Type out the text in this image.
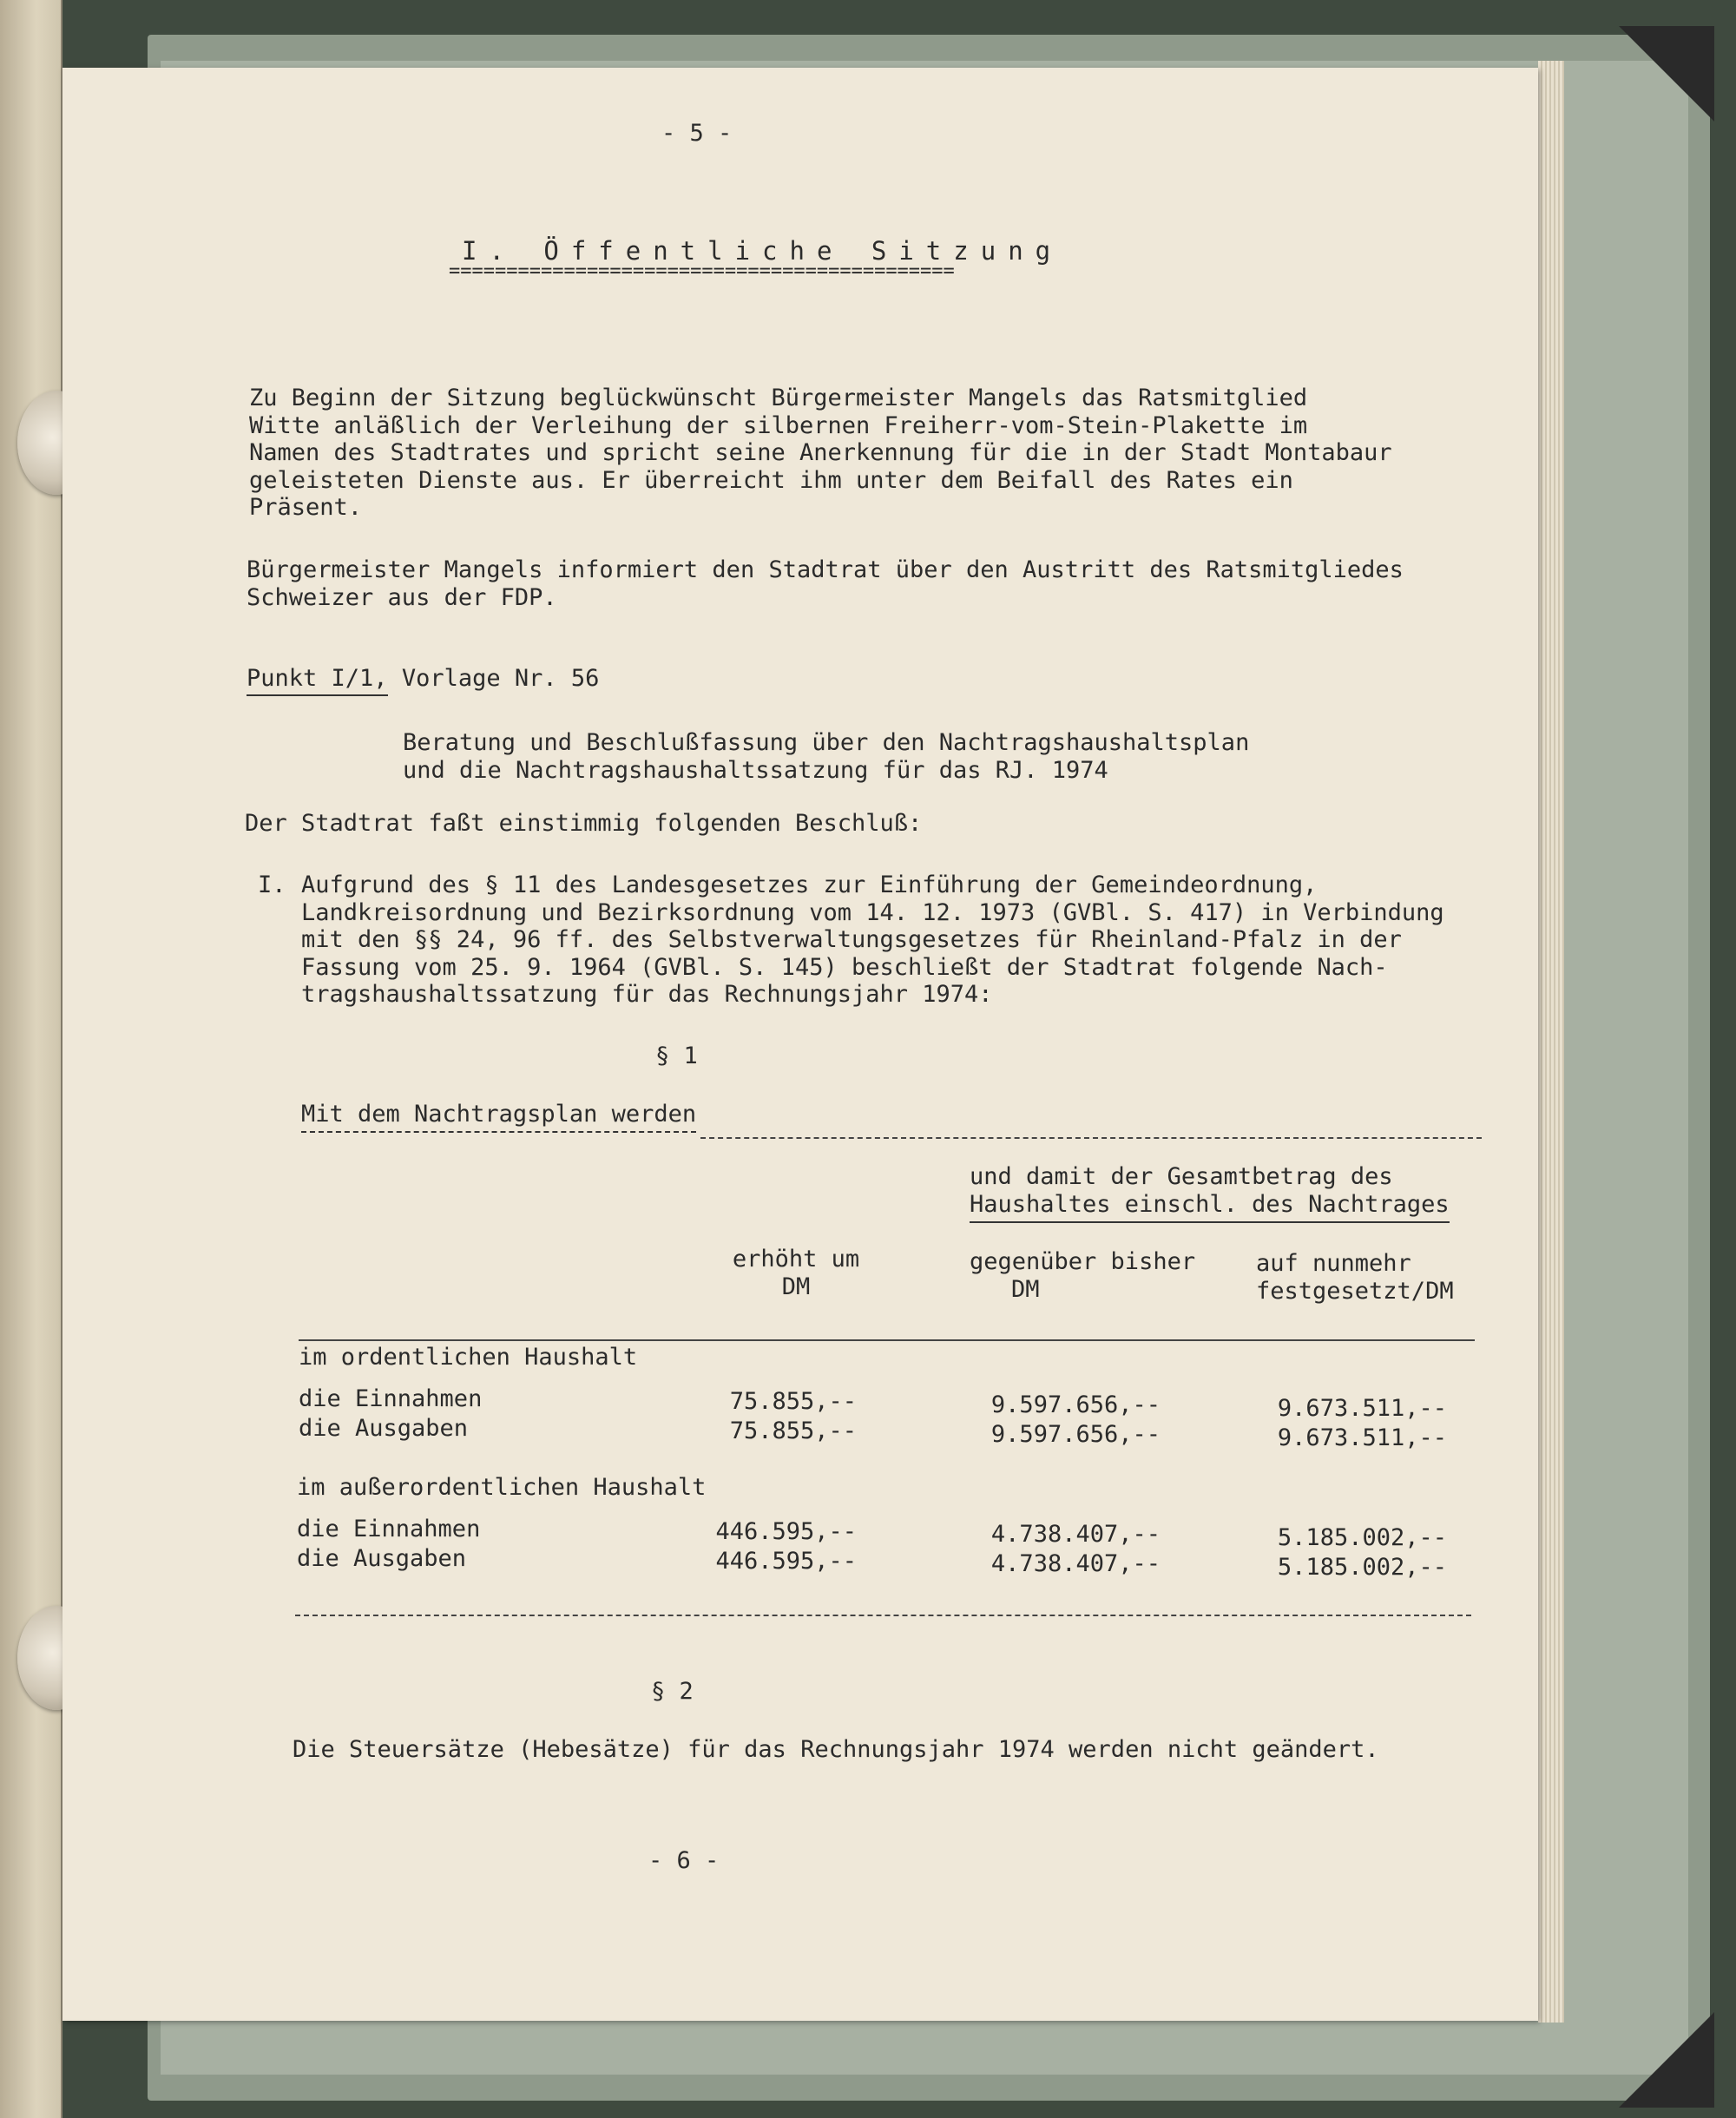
- 5 -
I. Öffentliche Sitzung
============================================
Zu Beginn der Sitzung beglückwünscht Bürgermeister Mangels das Ratsmitglied
Witte anläßlich der Verleihung der silbernen Freiherr-vom-Stein-Plakette im
Namen des Stadtrates und spricht seine Anerkennung für die in der Stadt Montabaur
geleisteten Dienste aus. Er überreicht ihm unter dem Beifall des Rates ein
Präsent.
Bürgermeister Mangels informiert den Stadtrat über den Austritt des Ratsmitgliedes
Schweizer aus der FDP.
Punkt I/1, Vorlage Nr. 56
Beratung und Beschlußfassung über den Nachtragshaushaltsplan
und die Nachtragshaushaltssatzung für das RJ. 1974
Der Stadtrat faßt einstimmig folgenden Beschluß:
I. Aufgrund des § 11 des Landesgesetzes zur Einführung der Gemeindeordnung,
Landkreisordnung und Bezirksordnung vom 14. 12. 1973 (GVBl. S. 417) in Verbindung
mit den §§ 24, 96 ff. des Selbstverwaltungsgesetzes für Rheinland-Pfalz in der
Fassung vom 25. 9. 1964 (GVBl. S. 145) beschließt der Stadtrat folgende Nach-
tragshaushaltssatzung für das Rechnungsjahr 1974:
§ 1
Mit dem Nachtragsplan werden
und damit der Gesamtbetrag des
Haushaltes einschl. des Nachtrages
erhöht um
DM
gegenüber bisher
DM
auf nunmehr
festgesetzt/DM
im ordentlichen Haushalt
die Einnahmen
die Ausgaben
75.855,--
75.855,--
9.597.656,--
9.597.656,--
9.673.511,--
9.673.511,--
im außerordentlichen Haushalt
die Einnahmen
die Ausgaben
446.595,--
446.595,--
4.738.407,--
4.738.407,--
5.185.002,--
5.185.002,--
§ 2
Die Steuersätze (Hebesätze) für das Rechnungsjahr 1974 werden nicht geändert.
- 6 -
